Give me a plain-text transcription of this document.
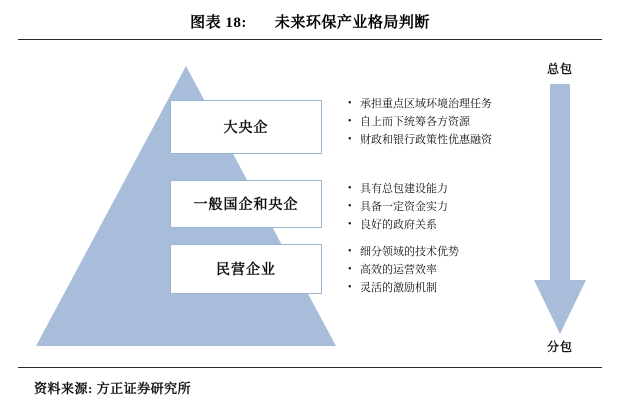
图表 18: 未来环保产业格局判断
大央企
一般国企和央企
民营企业
• 承担重点区域环境治理任务
• 自上而下统筹各方资源
• 财政和银行政策性优惠融资
• 具有总包建设能力
• 具备一定资金实力
• 良好的政府关系
• 细分领域的技术优势
• 高效的运营效率
• 灵活的激励机制
总包
分包
资料来源: 方正证券研究所
